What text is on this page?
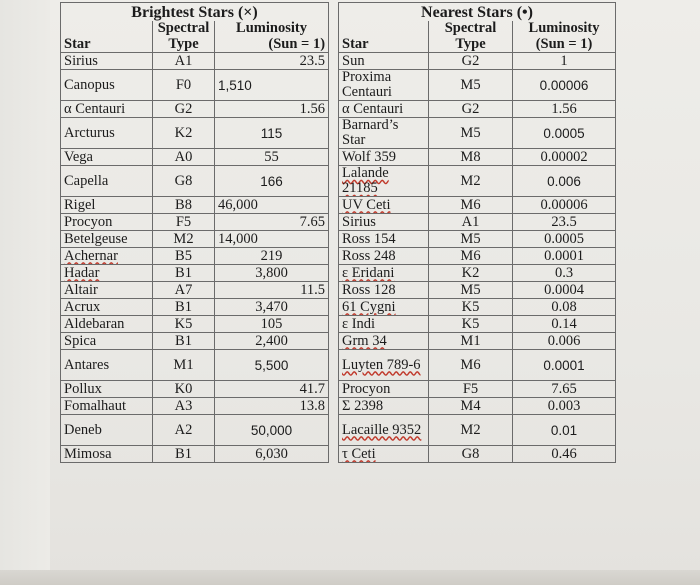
Brightest Stars (×)		
	Spectral	Luminosity
Star	Type	(Sun = 1)
Sirius	A1	23.5
Canopus	F0	1,510
α Centauri	G2	1.56
Arcturus	K2	115
Vega	A0	55
Capella	G8	166
Rigel	B8	46,000
Procyon	F5	7.65
Betelgeuse	M2	14,000
Achernar	B5	219
Hadar	B1	3,800
Altair	A7	11.5
Acrux	B1	3,470
Aldebaran	K5	105
Spica	B1	2,400
Antares	M1	5,500
Pollux	K0	41.7
Fomalhaut	A3	13.8
Deneb	A2	50,000
Mimosa	B1	6,030
Nearest Stars (•)		
	Spectral	Luminosity
Star	Type	(Sun = 1)
Sun	G2	1
Proxima Centauri	M5	0.00006
α Centauri	G2	1.56
Barnard’s Star	M5	0.0005
Wolf 359	M8	0.00002
Lalande 21185	M2	0.006
UV Ceti	M6	0.00006
Sirius	A1	23.5
Ross 154	M5	0.0005
Ross 248	M6	0.0001
ε Eridani	K2	0.3
Ross 128	M5	0.0004
61 Cygni	K5	0.08
ε Indi	K5	0.14
Grm 34	M1	0.006
Luyten 789-6	M6	0.0001
Procyon	F5	7.65
Σ 2398	M4	0.003
Lacaille 9352	M2	0.01
τ Ceti	G8	0.46
